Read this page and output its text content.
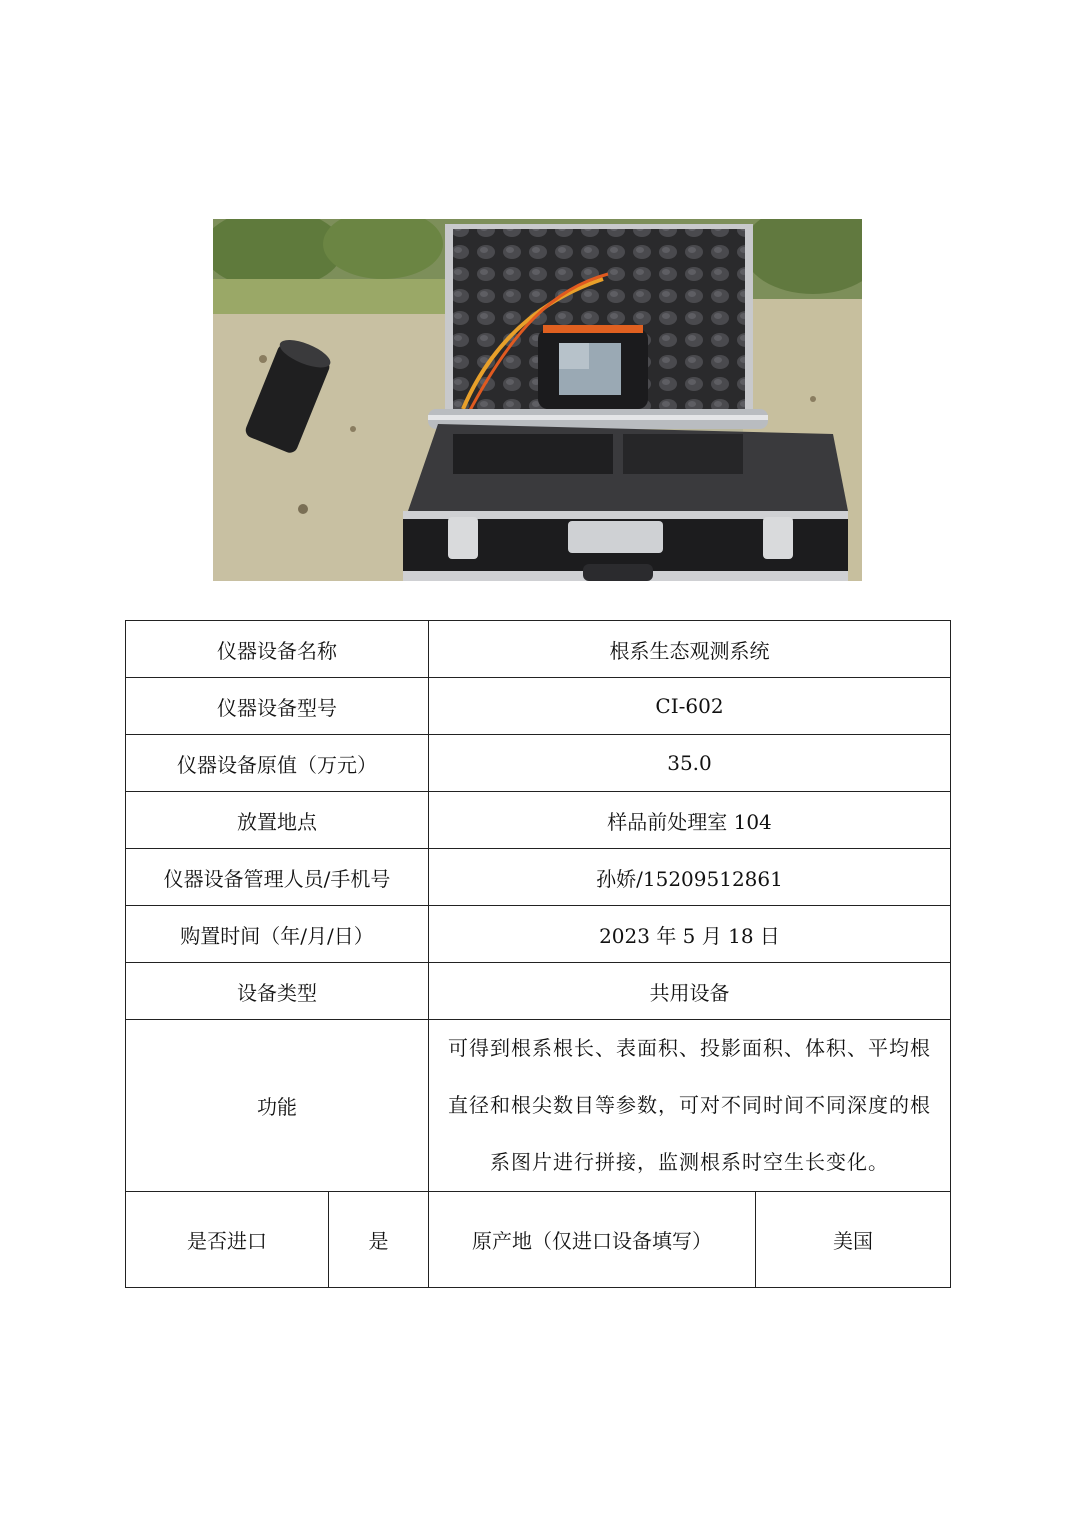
仪器设备名称		根系生态观测系统	
仪器设备型号		CI-602	
仪器设备原值（万元）		35.0	
放置地点		样品前处理室 104	
仪器设备管理人员/手机号		孙娇/15209512861	
购置时间（年/月/日）		2023 年 5 月 18 日	
设备类型		共用设备	
功能		可得到根系根长、表面积、投影面积、体积、平均根
直径和根尖数目等参数，可对不同时间不同深度的根
系图片进行拼接，监测根系时空生长变化。	

是否进口	是	原产地（仅进口设备填写）	美国
